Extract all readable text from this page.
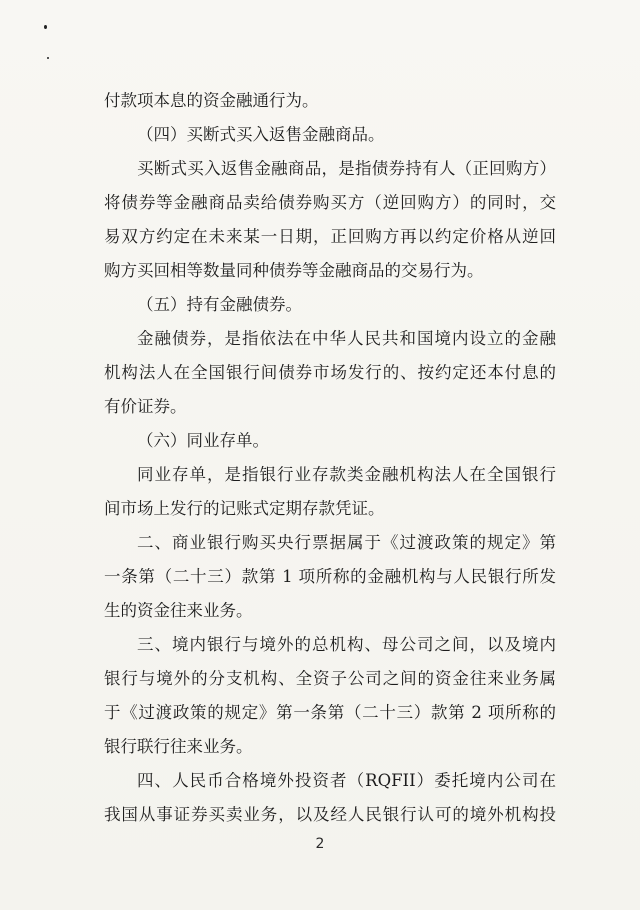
付款项本息的资金融通行为。
（四）买断式买入返售金融商品。
买断式买入返售金融商品，是指债券持有人（正回购方）
将债券等金融商品卖给债券购买方（逆回购方）的同时，交
易双方约定在未来某一日期，正回购方再以约定价格从逆回
购方买回相等数量同种债券等金融商品的交易行为。
（五）持有金融债券。
金融债券，是指依法在中华人民共和国境内设立的金融
机构法人在全国银行间债券市场发行的、按约定还本付息的
有价证券。
（六）同业存单。
同业存单，是指银行业存款类金融机构法人在全国银行
间市场上发行的记账式定期存款凭证。
二、商业银行购买央行票据属于《过渡政策的规定》第
一条第（二十三）款第 1 项所称的金融机构与人民银行所发
生的资金往来业务。
三、境内银行与境外的总机构、母公司之间，以及境内
银行与境外的分支机构、全资子公司之间的资金往来业务属
于《过渡政策的规定》第一条第（二十三）款第 2 项所称的
银行联行往来业务。
四、人民币合格境外投资者（RQFII）委托境内公司在
我国从事证券买卖业务，以及经人民银行认可的境外机构投
2
